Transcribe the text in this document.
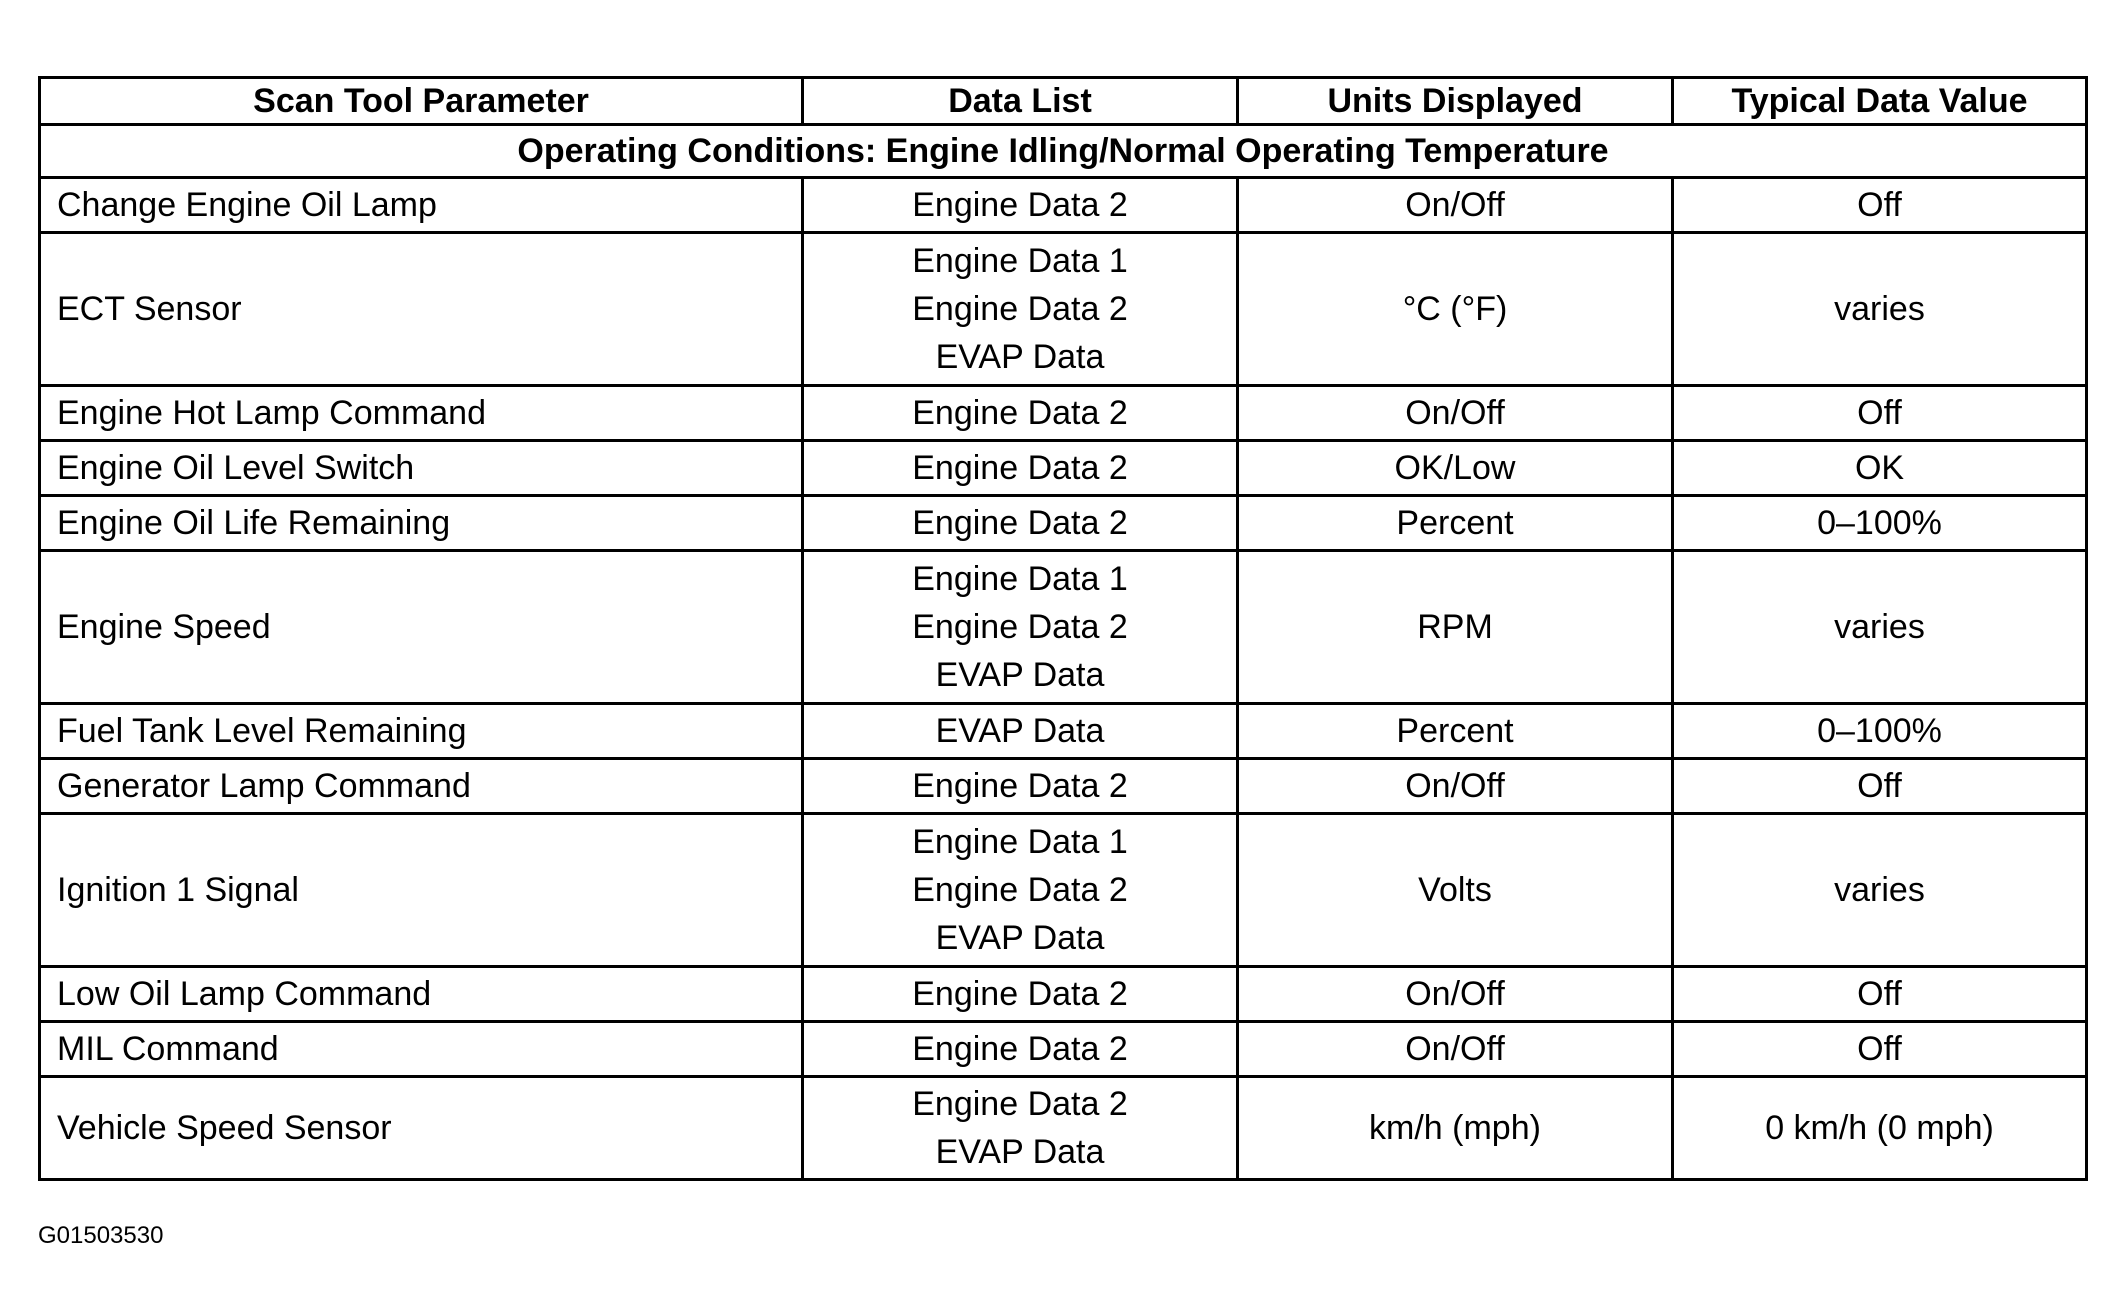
Scan Tool Parameter	Data List	Units Displayed	Typical Data Value
Operating Conditions: Engine Idling/Normal Operating Temperature			
Change Engine Oil Lamp	Engine Data 2	On/Off	Off
ECT Sensor	Engine Data 1
Engine Data 2
EVAP Data	°C (°F)	varies
Engine Hot Lamp Command	Engine Data 2	On/Off	Off
Engine Oil Level Switch	Engine Data 2	OK/Low	OK
Engine Oil Life Remaining	Engine Data 2	Percent	0–100%
Engine Speed	Engine Data 1
Engine Data 2
EVAP Data	RPM	varies
Fuel Tank Level Remaining	EVAP Data	Percent	0–100%
Generator Lamp Command	Engine Data 2	On/Off	Off
Ignition 1 Signal	Engine Data 1
Engine Data 2
EVAP Data	Volts	varies
Low Oil Lamp Command	Engine Data 2	On/Off	Off
MIL Command	Engine Data 2	On/Off	Off
Vehicle Speed Sensor	Engine Data 2
EVAP Data	km/h (mph)	0 km/h (0 mph)
G01503530
